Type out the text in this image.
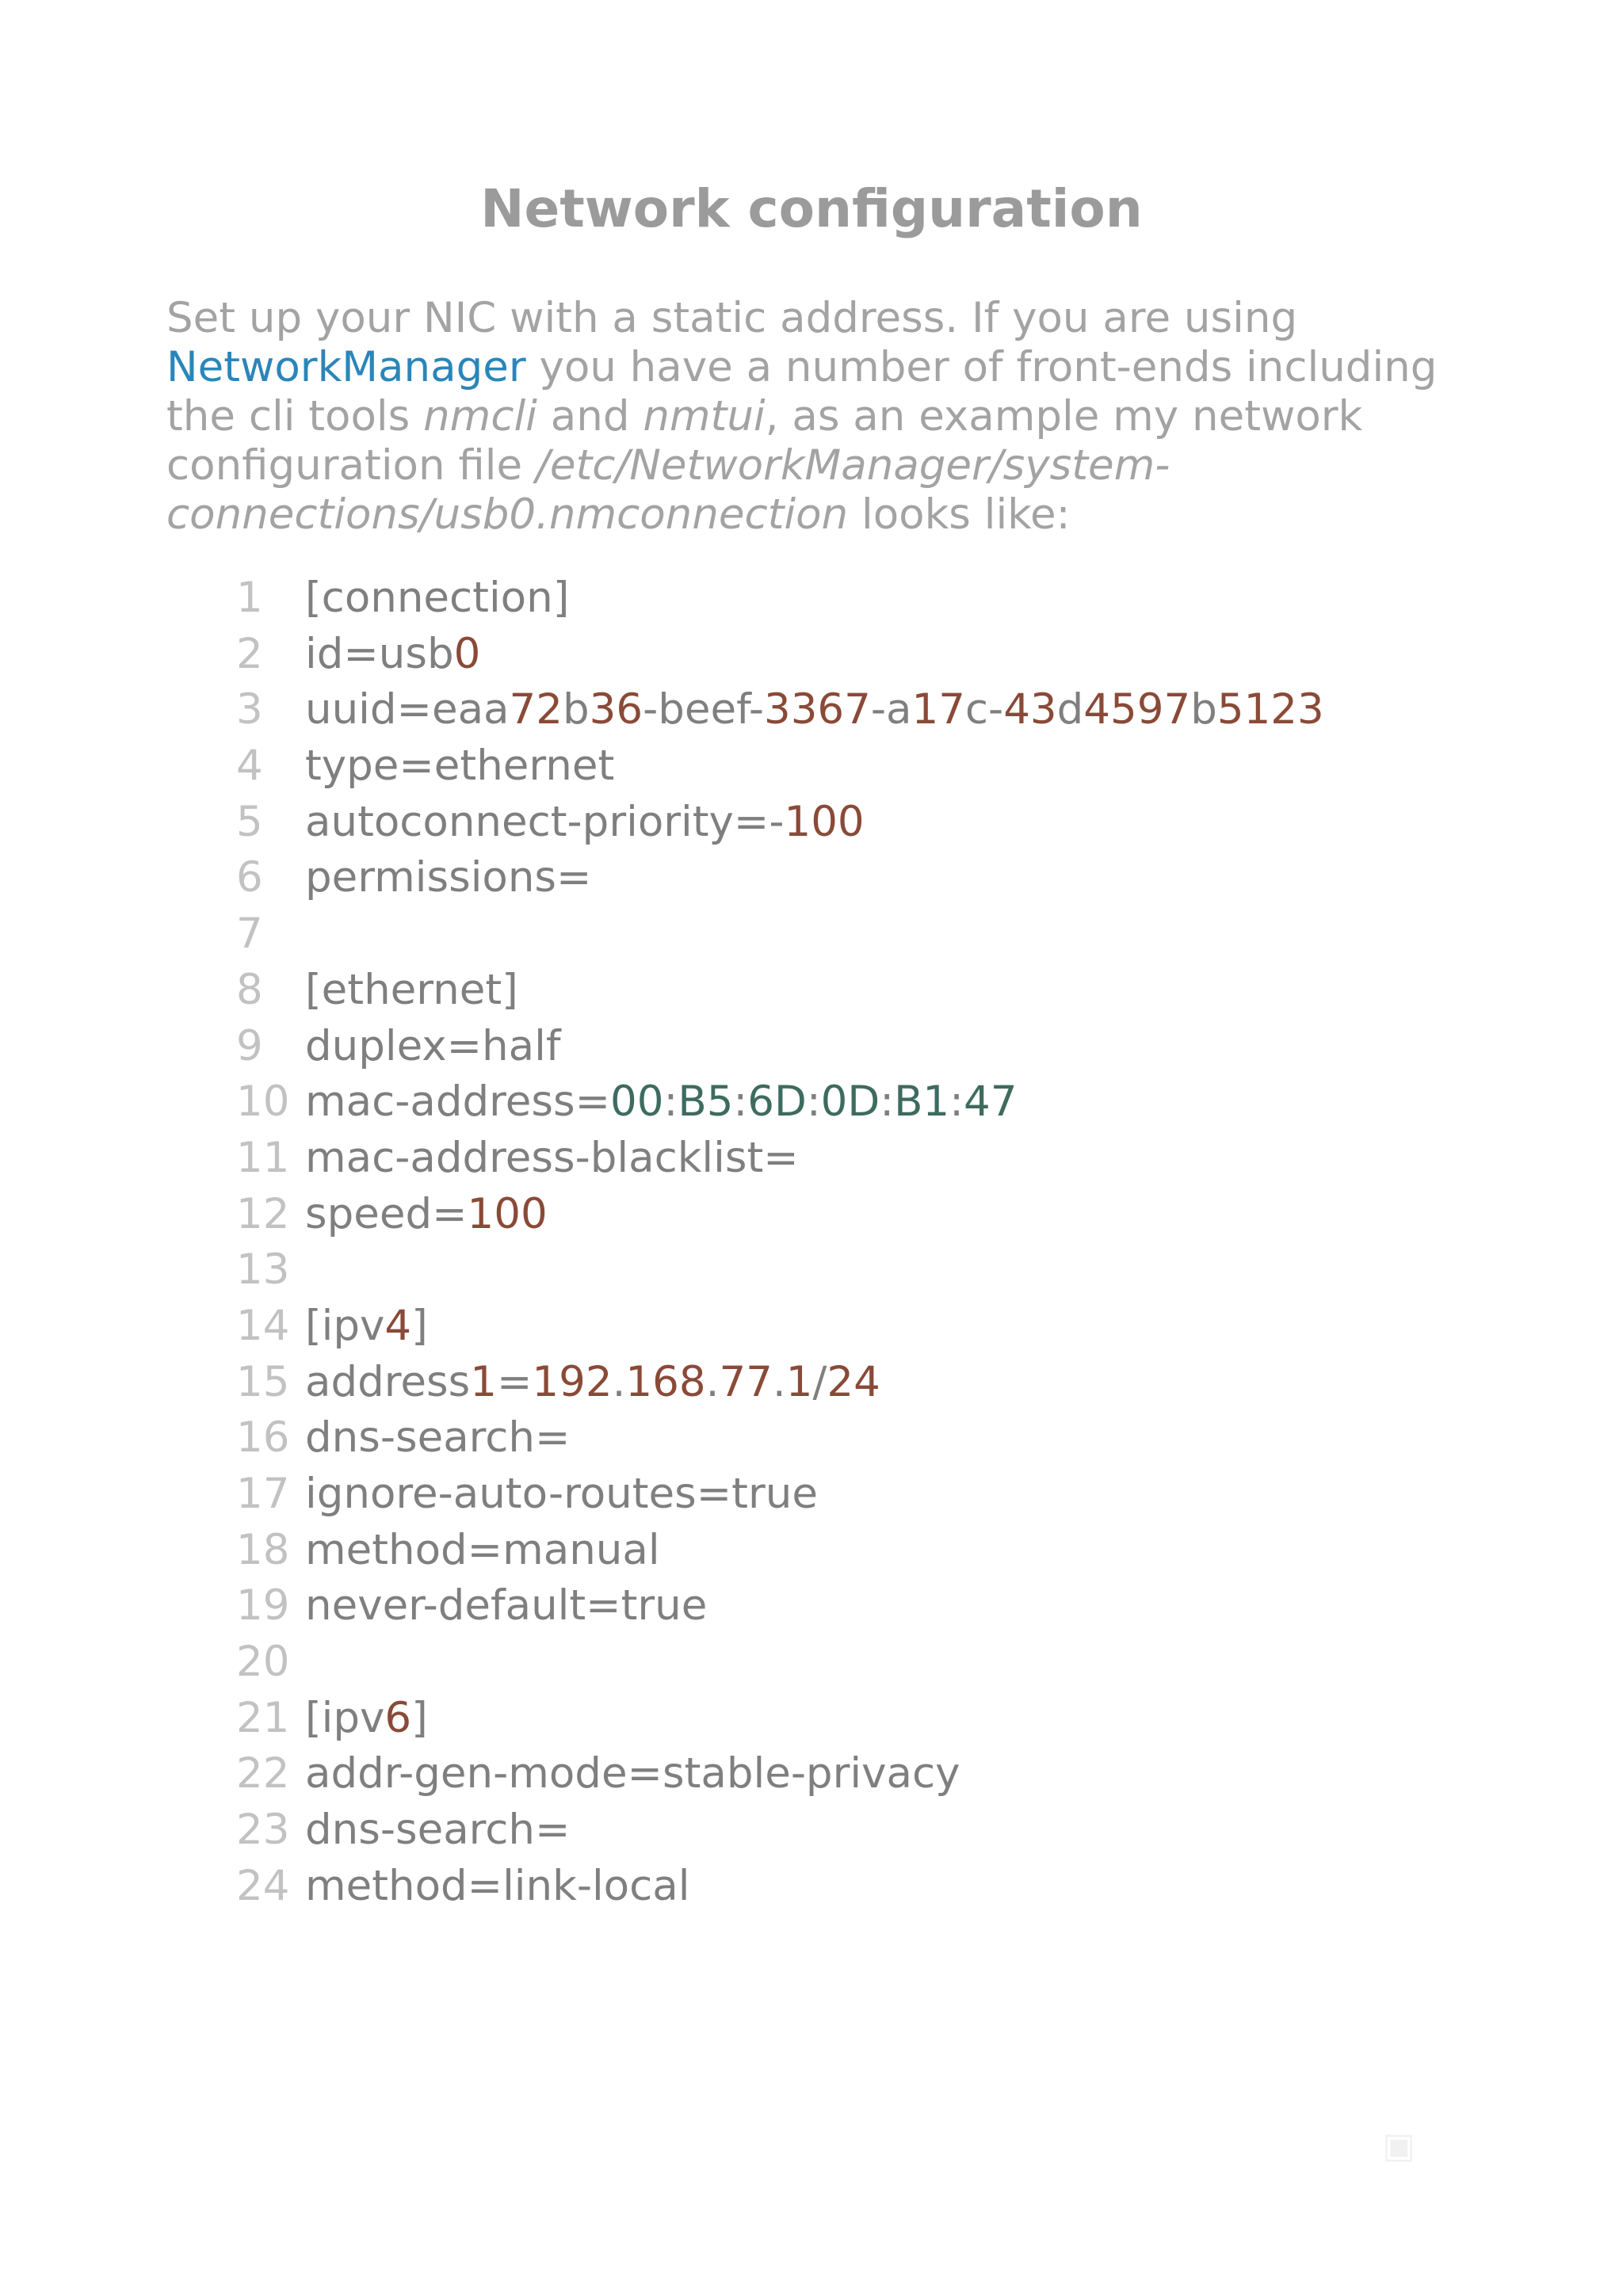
Network configuration

Set up your NIC with a static address. If you are using NetworkManager you have a number of front-ends including the cli tools nmcli and nmtui, as an example my network configuration file /etc/NetworkManager/system-connections/usb0.nmconnection looks like:

1	[connection]
2	id=usb0
3	uuid=eaa72b36-beef-3367-a17c-43d4597b5123
4	type=ethernet
5	autoconnect-priority=-100
6	permissions=
7
8	[ethernet]
9	duplex=half
10 mac-address=00:B5:6D:0D:B1:47
11 mac-address-blacklist=
12 speed=100
13
14 [ipv4]
15 address1=192.168.77.1/24
16 dns-search=
17 ignore-auto-routes=true
18 method=manual
19 never-default=true
20
21 [ipv6]
22 addr-gen-mode=stable-privacy
23 dns-search=
24 method=link-local
▣
